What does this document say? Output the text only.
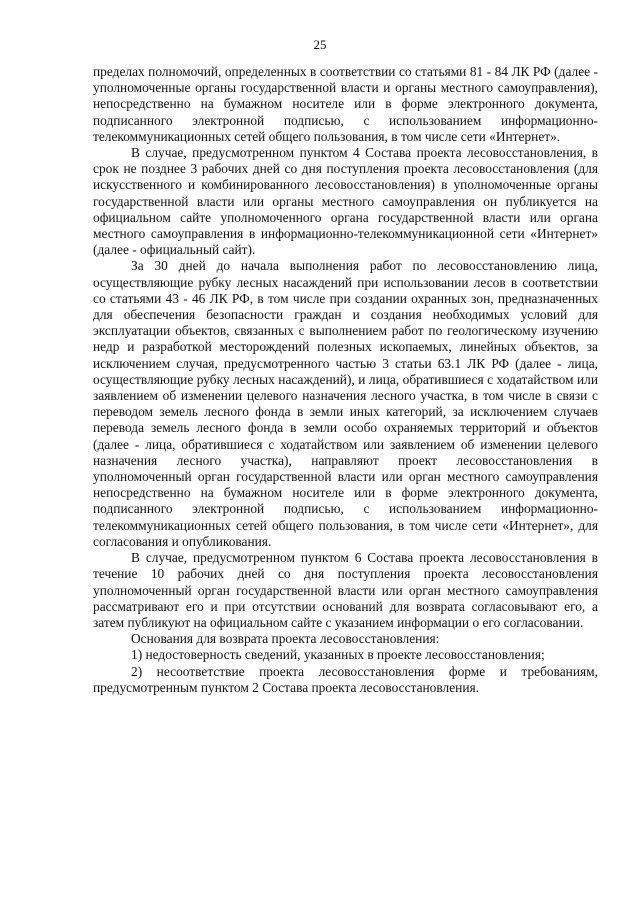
25

пределах полномочий, определенных в соответствии со статьями 81 - 84 ЛК РФ (далее - уполномоченные органы государственной власти и органы местного самоуправления), непосредственно на бумажном носителе или в форме электронного документа, подписанного электронной подписью, с использованием информационно-телекоммуникационных сетей общего пользования, в том числе сети «Интернет».

В случае, предусмотренном пунктом 4 Состава проекта лесовосстановления, в срок не позднее 3 рабочих дней со дня поступления проекта лесовосстановления (для искусственного и комбинированного лесовосстановления) в уполномоченные органы государственной власти или органы местного самоуправления он публикуется на официальном сайте уполномоченного органа государственной власти или органа местного самоуправления в информационно-телекоммуникационной сети «Интернет» (далее - официальный сайт).

За 30 дней до начала выполнения работ по лесовосстановлению лица, осуществляющие рубку лесных насаждений при использовании лесов в соответствии со статьями 43 - 46 ЛК РФ, в том числе при создании охранных зон, предназначенных для обеспечения безопасности граждан и создания необходимых условий для эксплуатации объектов, связанных с выполнением работ по геологическому изучению недр и разработкой месторождений полезных ископаемых, линейных объектов, за исключением случая, предусмотренного частью 3 статьи 63.1 ЛК РФ (далее - лица, осуществляющие рубку лесных насаждений), и лица, обратившиеся с ходатайством или заявлением об изменении целевого назначения лесного участка, в том числе в связи с переводом земель лесного фонда в земли иных категорий, за исключением случаев перевода земель лесного фонда в земли особо охраняемых территорий и объектов (далее - лица, обратившиеся с ходатайством или заявлением об изменении целевого назначения лесного участка), направляют проект лесовосстановления в уполномоченный орган государственной власти или орган местного самоуправления непосредственно на бумажном носителе или в форме электронного документа, подписанного электронной подписью, с использованием информационно-телекоммуникационных сетей общего пользования, в том числе сети «Интернет», для согласования и опубликования.

В случае, предусмотренном пунктом 6 Состава проекта лесовосстановления в течение 10 рабочих дней со дня поступления проекта лесовосстановления уполномоченный орган государственной власти или орган местного самоуправления рассматривают его и при отсутствии оснований для возврата согласовывают его, а затем публикуют на официальном сайте с указанием информации о его согласовании.

Основания для возврата проекта лесовосстановления:

1) недостоверность сведений, указанных в проекте лесовосстановления;

2) несоответствие проекта лесовосстановления форме и требованиям, предусмотренным пунктом 2 Состава проекта лесовосстановления.
